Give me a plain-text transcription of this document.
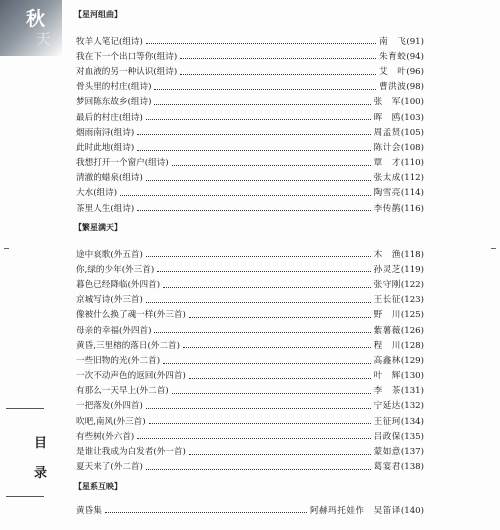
秋
天
目
录
【星河组曲】
牧羊人笔记(组诗)	南　飞 (91)
我在下一个出口等你(组诗)	朱育蛟 (94)
对血液的另一种认识(组诗)	艾　叶 (96)
骨头里的村庄(组诗)	曹洪波 (98)
梦回陈东故乡(组诗)	张　军 (100)
最后的村庄(组诗)	晖　鸥 (103)
烟雨南浔(组诗)	周孟贤 (105)
此时此地(组诗)	陈计会 (108)
我想打开一个窗户(组诗)	覃　才 (110)
清澈的蜡泉(组诗)	张太成 (112)
大水(组诗)	陶雪亮 (114)
茶里人生(组诗)	李传鹊 (116)
【繁星满天】
途中哀歌(外五首)	木　渔 (118)
你,绿的少年(外三首)	孙灵芝 (119)
暮色已经降临(外四首)	张守刚 (122)
京城写诗(外三首)	王长征 (123)
像被什么换了魂一样(外三首)	野　川 (125)
母亲的幸福(外四首)	紫薯薇 (126)
黄昏,三里榕的落日(外二首)	程　川 (128)
一些旧物的光(外二首)	高鑫林 (129)
一次不动声色的返回(外四首)	叶　辉 (130)
有那么一天早上(外二首)	李　茶 (131)
一把落发(外四首)	宁延达 (132)
吹吧,南风(外三首)	王征珂 (134)
有些树(外六首)	吕政保 (135)
是谁让我成为白发者(外一首)	蒙如意 (137)
夏天来了(外二首)	葛宴君 (138)
【星系互映】
黄昏集	阿赫玛托娃作　吴笛译 (140)
